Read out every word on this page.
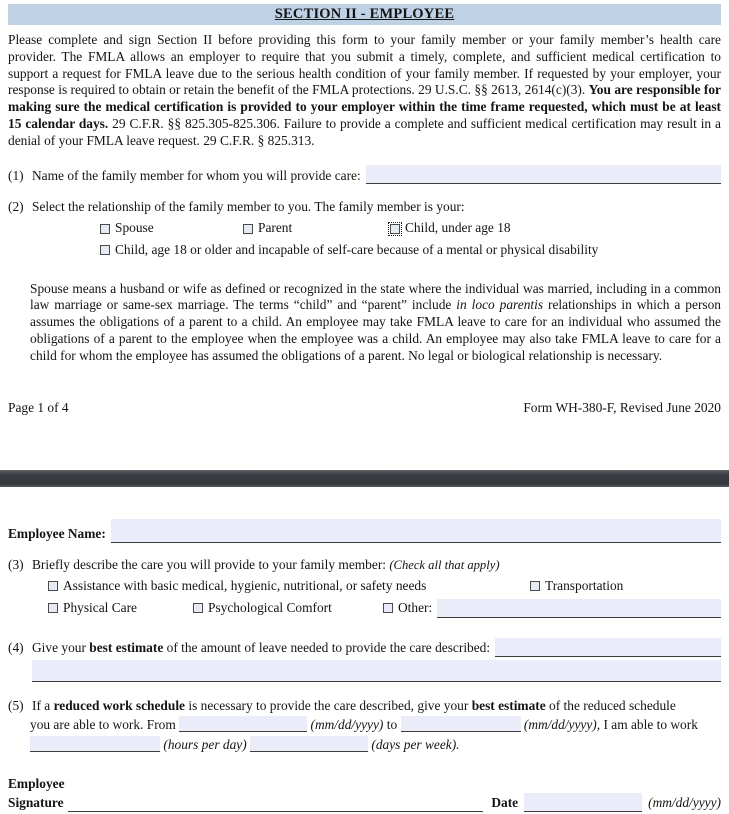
SECTION II - EMPLOYEE
Please complete and sign Section II before providing this form to your family member or your family member’s health care provider. The FMLA allows an employer to require that you submit a timely, complete, and sufficient medical certification to support a request for FMLA leave due to the serious health condition of your family member. If requested by your employer, your response is required to obtain or retain the benefit of the FMLA protections. 29 U.S.C. §§ 2613, 2614(c)(3). You are responsible for making sure the medical certification is provided to your employer within the time frame requested, which must be at least 15 calendar days. 29 C.F.R. §§ 825.305-825.306. Failure to provide a complete and sufficient medical certification may result in a denial of your FMLA leave request. 29 C.F.R. § 825.313.
(1) Name of the family member for whom you will provide care:
(2) Select the relationship of the family member to you. The family member is your:
Spouse	Parent	Child, under age 18
Child, age 18 or older and incapable of self-care because of a mental or physical disability
Spouse means a husband or wife as defined or recognized in the state where the individual was married, including in a common law marriage or same-sex marriage. The terms “child” and “parent” include in loco parentis relationships in which a person assumes the obligations of a parent to a child. An employee may take FMLA leave to care for an individual who assumed the obligations of a parent to the employee when the employee was a child. An employee may also take FMLA leave to care for a child for whom the employee has assumed the obligations of a parent. No legal or biological relationship is necessary.
Page 1 of 4	Form WH-380-F, Revised June 2020
Employee Name:
(3) Briefly describe the care you will provide to your family member: (Check all that apply)
Assistance with basic medical, hygienic, nutritional, or safety needs	Transportation
Physical Care	Psychological Comfort	Other:
(4) Give your best estimate of the amount of leave needed to provide the care described:
(5) If a reduced work schedule is necessary to provide the care described, give your best estimate of the reduced schedule
you are able to work. From	(mm/dd/yyyy) to	(mm/dd/yyyy), I am able to work
(hours per day)	(days per week).
Employee
Signature	Date	(mm/dd/yyyy)
